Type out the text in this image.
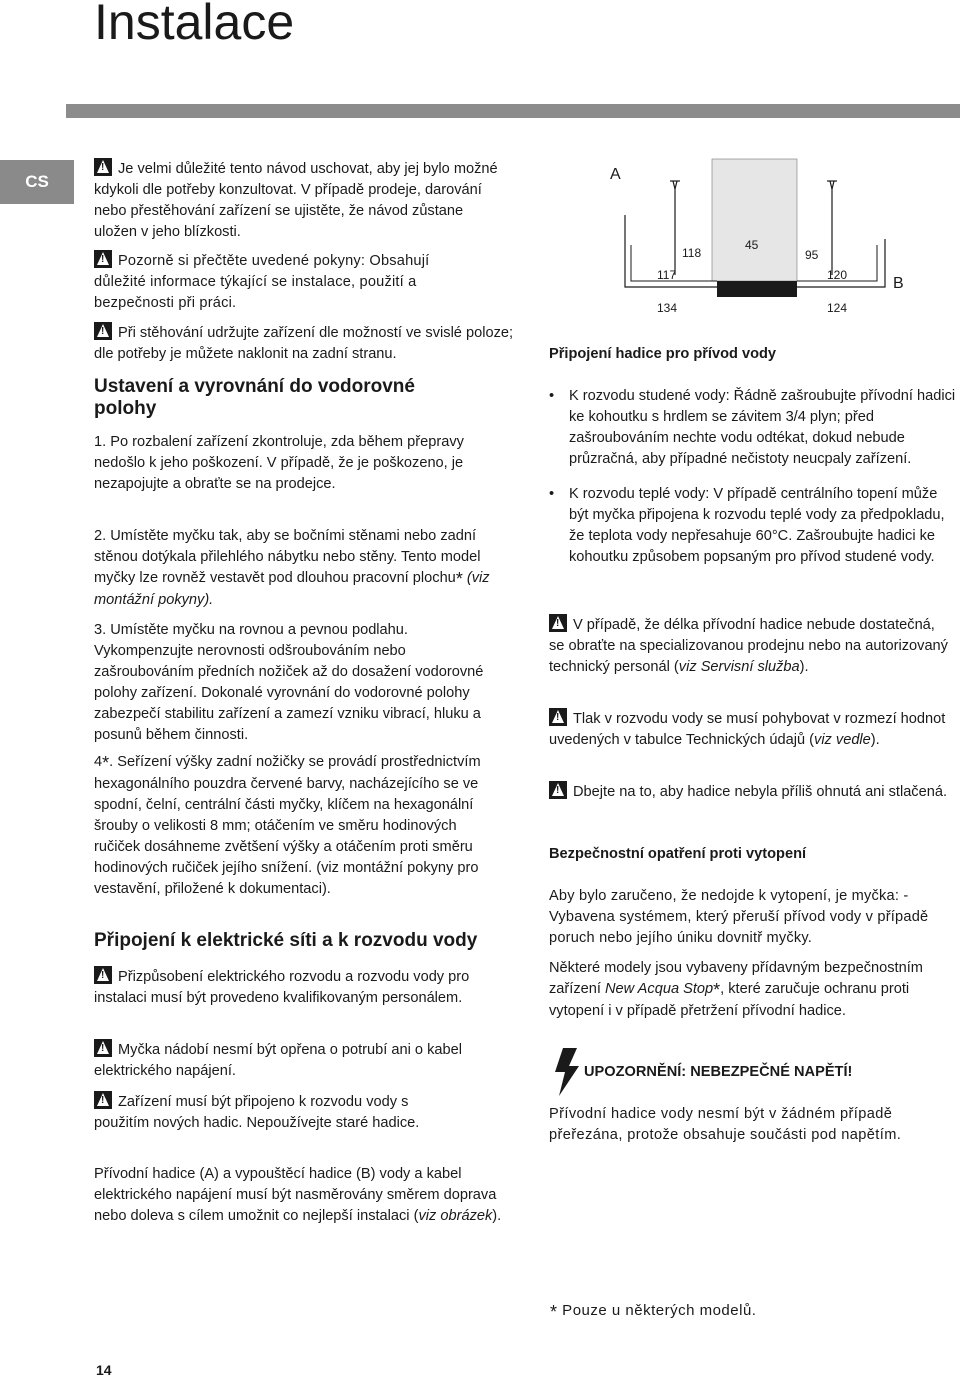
Instalace
CS

!Je velmi důležité tento návod uschovat, aby jej bylo možné kdykoli dle potřeby konzultovat. V případě prodeje, darování nebo přestěhování zařízení se ujistěte, že návod zůstane uložen v jeho blízkosti.

!Pozorně si přečtěte uvedené pokyny: Obsahují důležité informace týkající se instalace, použití a bezpečnosti při práci.

!Při stěhování udržujte zařízení dle možností ve svislé poloze; dle potřeby je můžete naklonit na zadní stranu.

Ustavení a vyrovnání do vodorovné polohy

1. Po rozbalení zařízení zkontroluje, zda během přepravy nedošlo k jeho poškození. V případě, že je poškozeno, je nezapojujte a obraťte se na prodejce.

2. Umístěte myčku tak, aby se bočními stěnami nebo zadní stěnou dotýkala přilehlého nábytku nebo stěny. Tento model myčky lze rovněž vestavět pod dlouhou pracovní plochu* (viz montážní pokyny).

3. Umístěte myčku na rovnou a pevnou podlahu. Vykompenzujte nerovnosti odšroubováním nebo zašroubováním předních nožiček až do dosažení vodorovné polohy zařízení. Dokonalé vyrovnání do vodorovné polohy zabezpečí stabilitu zařízení a zamezí vzniku vibrací, hluku a posunů během činnosti.

4*. Seřízení výšky zadní nožičky se provádí prostřednictvím hexagonálního pouzdra červené barvy, nacházejícího se ve spodní, čelní, centrální části myčky, klíčem na hexagonální šrouby o velikosti 8 mm; otáčením ve směru hodinových ručiček dosáhneme zvětšení výšky a otáčením proti směru hodinových ručiček jejího snížení. (viz montážní pokyny pro vestavění, přiložené k dokumentaci).

Připojení k elektrické síti a k rozvodu vody

!Přizpůsobení elektrického rozvodu a rozvodu vody pro instalaci musí být provedeno kvalifikovaným personálem.

!Myčka nádobí nesmí být opřena o potrubí ani o kabel elektrického napájení.

!Zařízení musí být připojeno k rozvodu vody s použitím nových hadic. Nepoužívejte staré hadice.

Přívodní hadice (A) a vypouštěcí hadice (B) vody a kabel elektrického napájení musí být nasměrovány směrem doprava nebo doleva s cílem umožnit co nejlepší instalaci (viz obrázek).

A
B
118
45
95
117	120
134	124
Připojení hadice pro přívod vody
• K rozvodu studené vody: Řádně zašroubujte přívodní hadici ke kohoutku s hrdlem se závitem 3/4 plyn; před zašroubováním nechte vodu odtékat, dokud nebude průzračná, aby případné nečistoty neucpaly zařízení.
• K rozvodu teplé vody: V případě centrálního topení může být myčka připojena k rozvodu teplé vody za předpokladu, že teplota vody nepřesahuje 60°C. Zašroubujte hadici ke kohoutku způsobem popsaným pro přívod studené vody.

!V případě, že délka přívodní hadice nebude dostatečná, se obraťte na specializovanou prodejnu nebo na autorizovaný technický personál (viz Servisní služba).

!Tlak v rozvodu vody se musí pohybovat v rozmezí hodnot uvedených v tabulce Technických údajů (viz vedle).

!Dbejte na to, aby hadice nebyla příliš ohnutá ani stlačená.

Bezpečnostní opatření proti vytopení

Aby bylo zaručeno, že nedojde k vytopení, je myčka: - Vybavena systémem, který přeruší přívod vody v případě poruch nebo jejího úniku dovnitř myčky.

Některé modely jsou vybaveny přídavným bezpečnostním zařízení New Acqua Stop*, které zaručuje ochranu proti vytopení i v případě přetržení přívodní hadice.

UPOZORNĚNÍ: NEBEZPEČNÉ NAPĚTÍ!

Přívodní hadice vody nesmí být v žádném případě přeřezána, protože obsahuje součásti pod napětím.

* Pouze u některých modelů.
14
